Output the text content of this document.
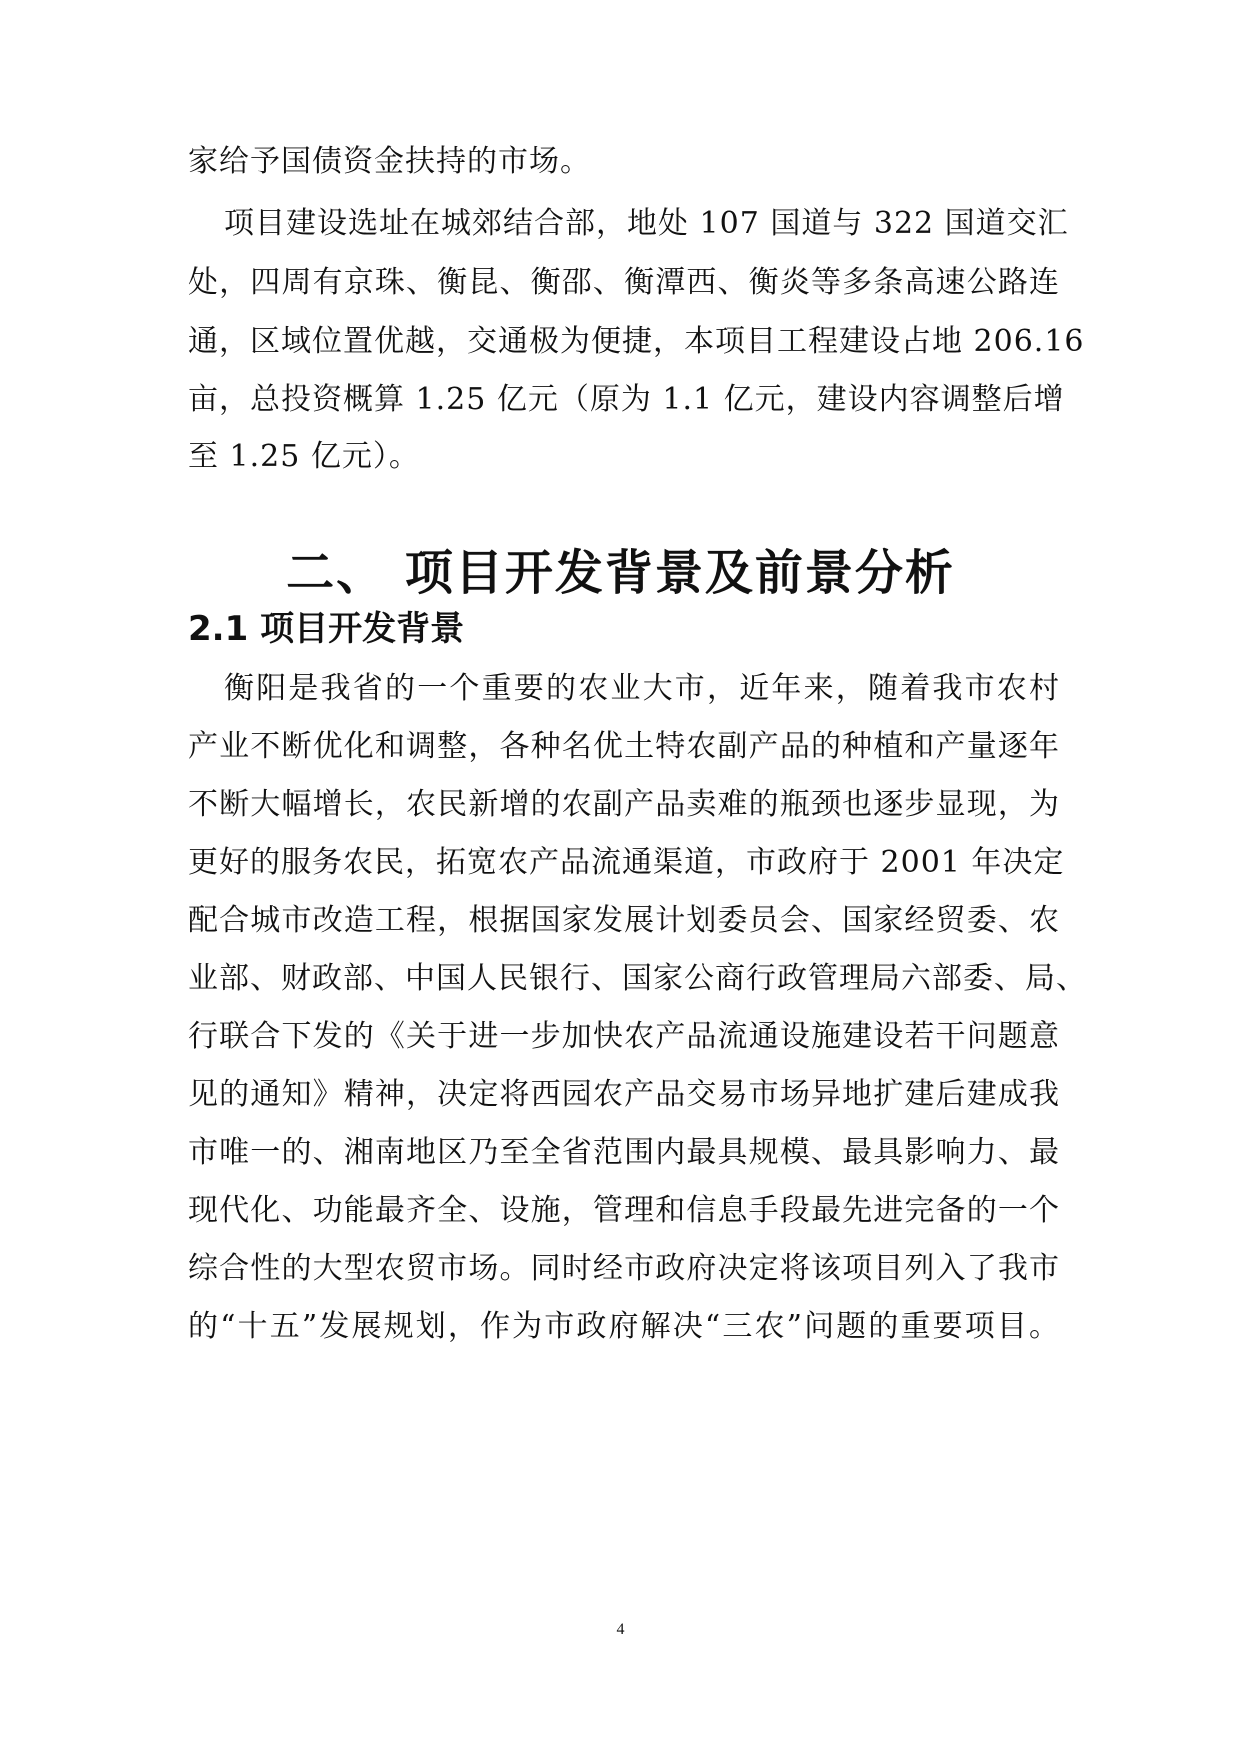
家给予国债资金扶持的市场。
项目建设选址在城郊结合部，地处 107 国道与 322 国道交汇
处，四周有京珠、衡昆、衡邵、衡潭西、衡炎等多条高速公路连
通，区域位置优越，交通极为便捷，本项目工程建设占地 206.16
亩，总投资概算 1.25 亿元（原为 1.1 亿元，建设内容调整后增
至 1.25 亿元）。
二、 项目开发背景及前景分析
2.1 项目开发背景
衡阳是我省的一个重要的农业大市，近年来，随着我市农村
产业不断优化和调整，各种名优土特农副产品的种植和产量逐年
不断大幅增长，农民新增的农副产品卖难的瓶颈也逐步显现，为
更好的服务农民，拓宽农产品流通渠道，市政府于 2001 年决定
配合城市改造工程，根据国家发展计划委员会、国家经贸委、农
业部、财政部、中国人民银行、国家公商行政管理局六部委、局、
行联合下发的《关于进一步加快农产品流通设施建设若干问题意
见的通知》精神，决定将西园农产品交易市场异地扩建后建成我
市唯一的、湘南地区乃至全省范围内最具规模、最具影响力、最
现代化、功能最齐全、设施，管理和信息手段最先进完备的一个
综合性的大型农贸市场。同时经市政府决定将该项目列入了我市
的“十五”发展规划，作为市政府解决“三农”问题的重要项目。
4
